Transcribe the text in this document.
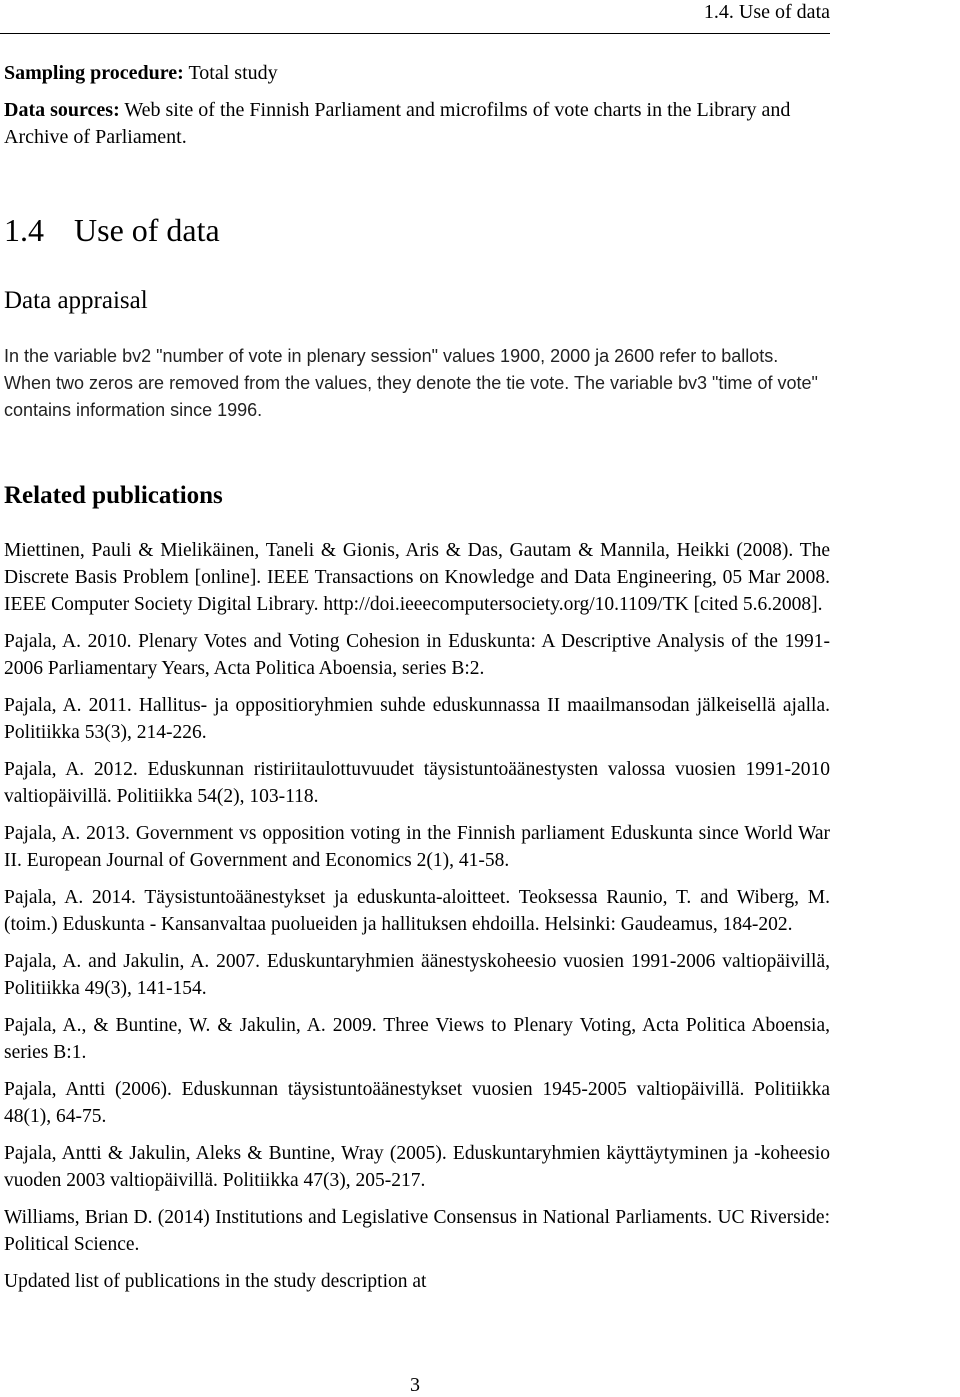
1.4. Use of data
Sampling procedure: Total study
Data sources: Web site of the Finnish Parliament and microfilms of vote charts in the Library and Archive of Parliament.
1.4 Use of data
Data appraisal
In the variable bv2 "number of vote in plenary session" values 1900, 2000 ja 2600 refer to ballots. When two zeros are removed from the values, they denote the tie vote. The variable bv3 "time of vote" contains information since 1996.
Related publications

Miettinen, Pauli & Mielikäinen, Taneli & Gionis, Aris & Das, Gautam & Mannila, Heikki (2008). The Discrete Basis Problem [online]. IEEE Transactions on Knowledge and Data Engineering, 05 Mar 2008. IEEE Computer Society Digital Library. http://doi.ieeecomputersociety.org/10.1109/TK [cited 5.6.2008].

Pajala, A. 2010. Plenary Votes and Voting Cohesion in Eduskunta: A Descriptive Analysis of the 1991-2006 Parliamentary Years, Acta Politica Aboensia, series B:2.

Pajala, A. 2011. Hallitus- ja oppositioryhmien suhde eduskunnassa II maailmansodan jälkeisellä ajalla. Politiikka 53(3), 214-226.

Pajala, A. 2012. Eduskunnan ristiriitaulottuvuudet täysistuntoäänestysten valossa vuosien 1991-2010 valtiopäivillä. Politiikka 54(2), 103-118.

Pajala, A. 2013. Government vs opposition voting in the Finnish parliament Eduskunta since World War II. European Journal of Government and Economics 2(1), 41-58.

Pajala, A. 2014. Täysistuntoäänestykset ja eduskunta-aloitteet. Teoksessa Raunio, T. and Wiberg, M. (toim.) Eduskunta - Kansanvaltaa puolueiden ja hallituksen ehdoilla. Helsinki: Gaudeamus, 184-202.

Pajala, A. and Jakulin, A. 2007. Eduskuntaryhmien äänestyskoheesio vuosien 1991-2006 valtiopäivillä, Politiikka 49(3), 141-154.

Pajala, A., & Buntine, W. & Jakulin, A. 2009. Three Views to Plenary Voting, Acta Politica Aboensia, series B:1.

Pajala, Antti (2006). Eduskunnan täysistuntoäänestykset vuosien 1945-2005 valtiopäivillä. Politiikka 48(1), 64-75.

Pajala, Antti & Jakulin, Aleks & Buntine, Wray (2005). Eduskuntaryhmien käyttäytyminen ja -koheesio vuoden 2003 valtiopäivillä. Politiikka 47(3), 205-217.

Williams, Brian D. (2014) Institutions and Legislative Consensus in National Parliaments. UC Riverside: Political Science.

Updated list of publications in the study description at

3
